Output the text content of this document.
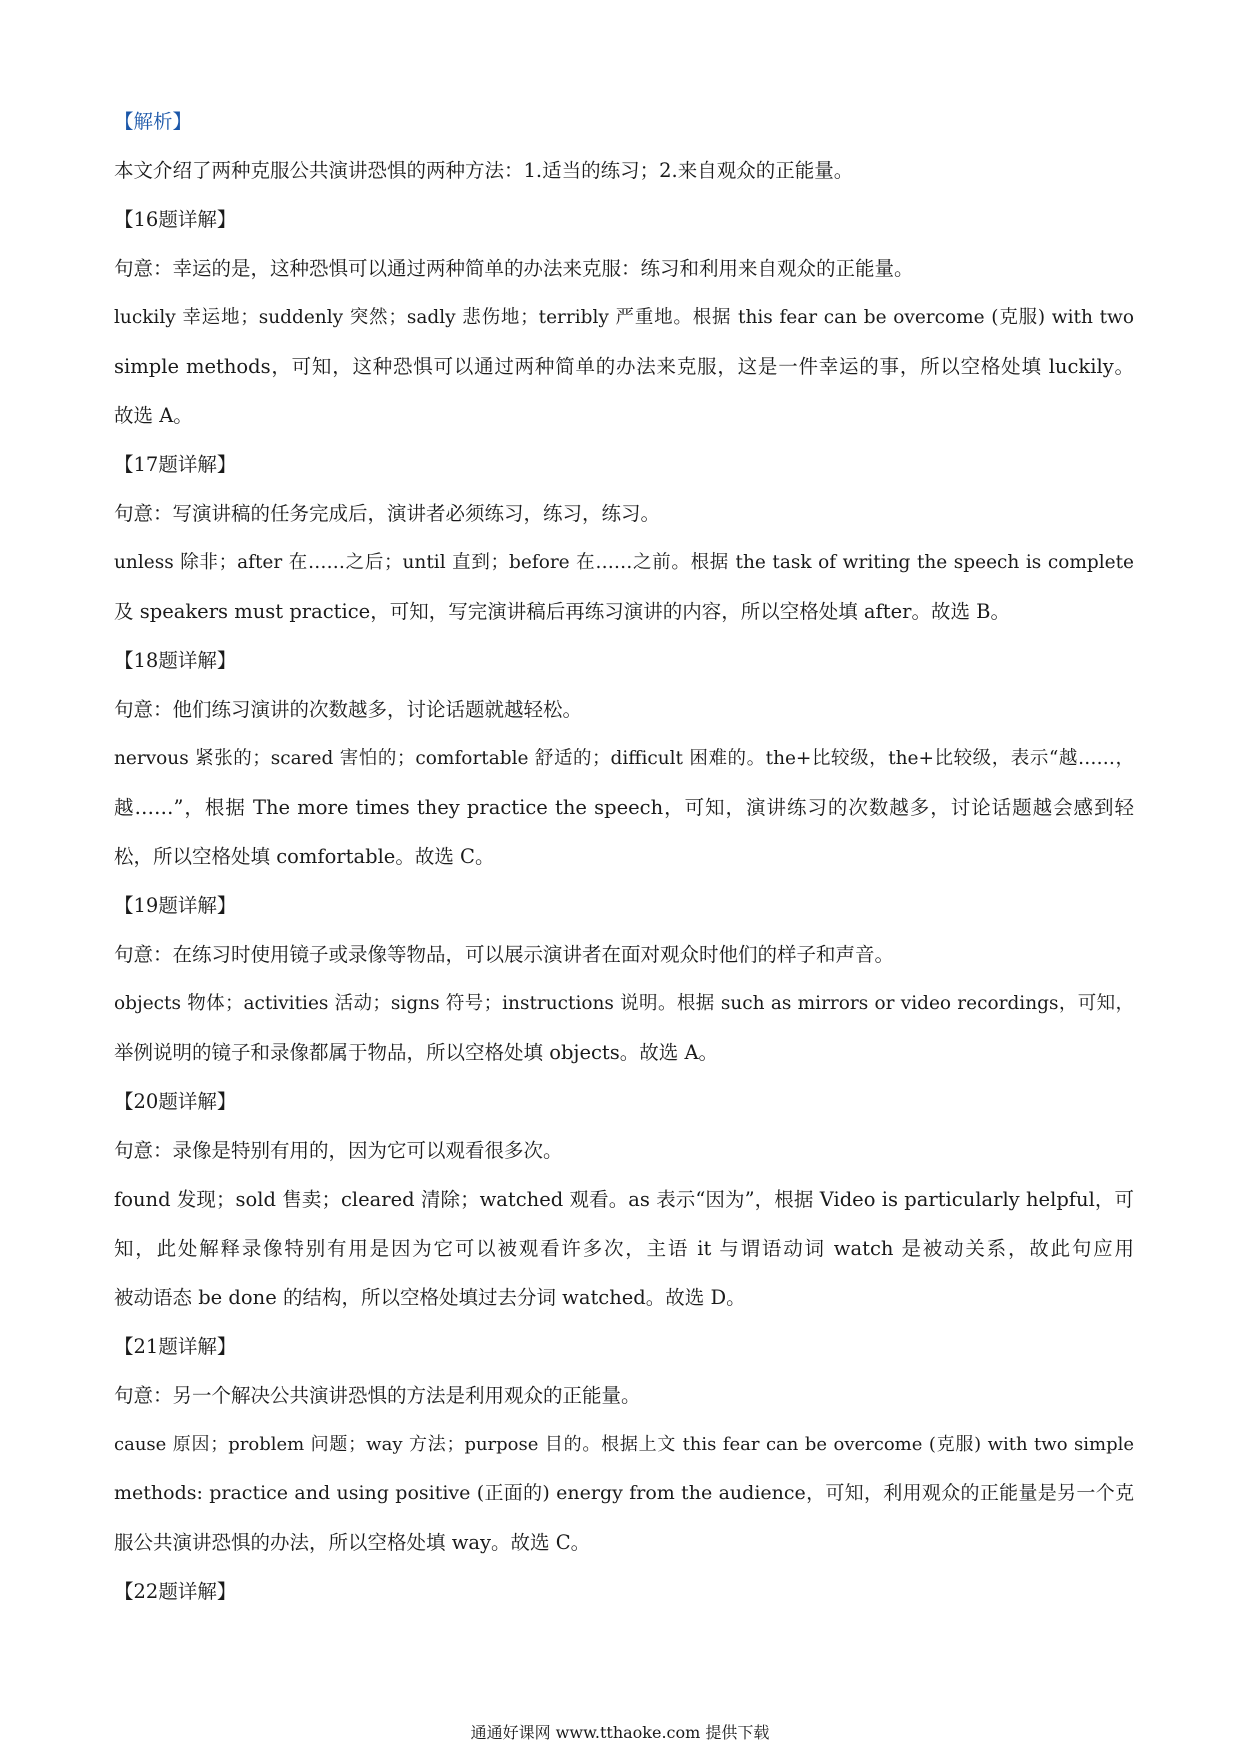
【解析】
本文介绍了两种克服公共演讲恐惧的两种方法：1.适当的练习；2.来自观众的正能量。
【16题详解】
句意：幸运的是，这种恐惧可以通过两种简单的办法来克服：练习和利用来自观众的正能量。
luckily 幸运地；suddenly 突然；sadly 悲伤地；terribly 严重地。根据 this fear can be overcome (克服) with two
simple methods，可知，这种恐惧可以通过两种简单的办法来克服，这是一件幸运的事，所以空格处填 luckily。
故选 A。
【17题详解】
句意：写演讲稿的任务完成后，演讲者必须练习，练习，练习。
unless 除非；after 在……之后；until 直到；before 在……之前。根据 the task of writing the speech is complete
及 speakers must practice，可知，写完演讲稿后再练习演讲的内容，所以空格处填 after。故选 B。
【18题详解】
句意：他们练习演讲的次数越多，讨论话题就越轻松。
nervous 紧张的；scared 害怕的；comfortable 舒适的；difficult 困难的。the+比较级，the+比较级，表示“越……，
越……”，根据 The more times they practice the speech，可知，演讲练习的次数越多，讨论话题越会感到轻
松，所以空格处填 comfortable。故选 C。
【19题详解】
句意：在练习时使用镜子或录像等物品，可以展示演讲者在面对观众时他们的样子和声音。
objects 物体；activities 活动；signs 符号；instructions 说明。根据 such as mirrors or video recordings，可知，
举例说明的镜子和录像都属于物品，所以空格处填 objects。故选 A。
【20题详解】
句意：录像是特别有用的，因为它可以观看很多次。
found 发现；sold 售卖；cleared 清除；watched 观看。as 表示“因为”，根据 Video is particularly helpful，可
知，此处解释录像特别有用是因为它可以被观看许多次，主语 it 与谓语动词 watch 是被动关系，故此句应用
被动语态 be done 的结构，所以空格处填过去分词 watched。故选 D。
【21题详解】
句意：另一个解决公共演讲恐惧的方法是利用观众的正能量。
cause 原因；problem 问题；way 方法；purpose 目的。根据上文 this fear can be overcome (克服) with two simple
methods: practice and using positive (正面的) energy from the audience，可知，利用观众的正能量是另一个克
服公共演讲恐惧的办法，所以空格处填 way。故选 C。
【22题详解】
通通好课网 www.tthaoke.com 提供下载
